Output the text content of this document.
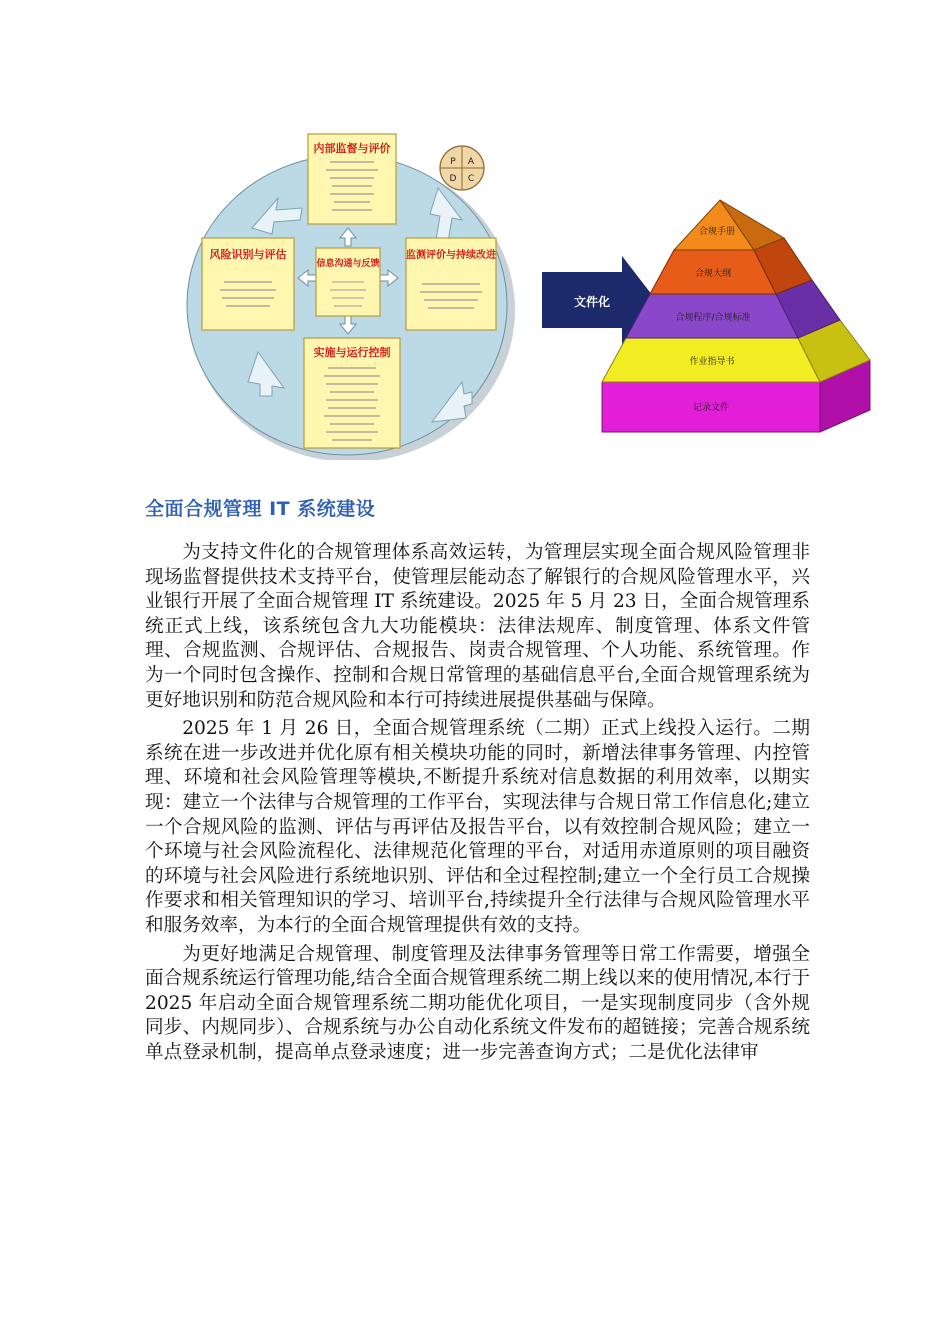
内部监督与评价
风险识别与评估
信息沟通与反馈
监测评价与持续改进
实施与运行控制
P A
D C
文件化
合规手册
合规大纲
合规程序/合规标准
作业指导书
记录文件
全面合规管理 IT 系统建设

为支持文件化的合规管理体系高效运转，为管理层实现全面合规风险管理非现场监督提供技术支持平台，使管理层能动态了解银行的合规风险管理水平，兴业银行开展了全面合规管理 IT 系统建设。2025 年 5 月 23 日，全面合规管理系统正式上线，该系统包含九大功能模块：法律法规库、制度管理、体系文件管理、合规监测、合规评估、合规报告、岗责合规管理、个人功能、系统管理。作为一个同时包含操作、控制和合规日常管理的基础信息平台,全面合规管理系统为更好地识别和防范合规风险和本行可持续进展提供基础与保障。

2025 年 1 月 26 日，全面合规管理系统（二期）正式上线投入运行。二期系统在进一步改进并优化原有相关模块功能的同时，新增法律事务管理、内控管理、环境和社会风险管理等模块,不断提升系统对信息数据的利用效率，以期实现：建立一个法律与合规管理的工作平台，实现法律与合规日常工作信息化;建立一个合规风险的监测、评估与再评估及报告平台，以有效控制合规风险；建立一个环境与社会风险流程化、法律规范化管理的平台，对适用赤道原则的项目融资的环境与社会风险进行系统地识别、评估和全过程控制;建立一个全行员工合规操作要求和相关管理知识的学习、培训平台,持续提升全行法律与合规风险管理水平和服务效率，为本行的全面合规管理提供有效的支持。

为更好地满足合规管理、制度管理及法律事务管理等日常工作需要，增强全面合规系统运行管理功能,结合全面合规管理系统二期上线以来的使用情况,本行于 2025 年启动全面合规管理系统二期功能优化项目，一是实现制度同步（含外规同步、内规同步）、合规系统与办公自动化系统文件发布的超链接；完善合规系统单点登录机制，提高单点登录速度；进一步完善查询方式；二是优化法律审
